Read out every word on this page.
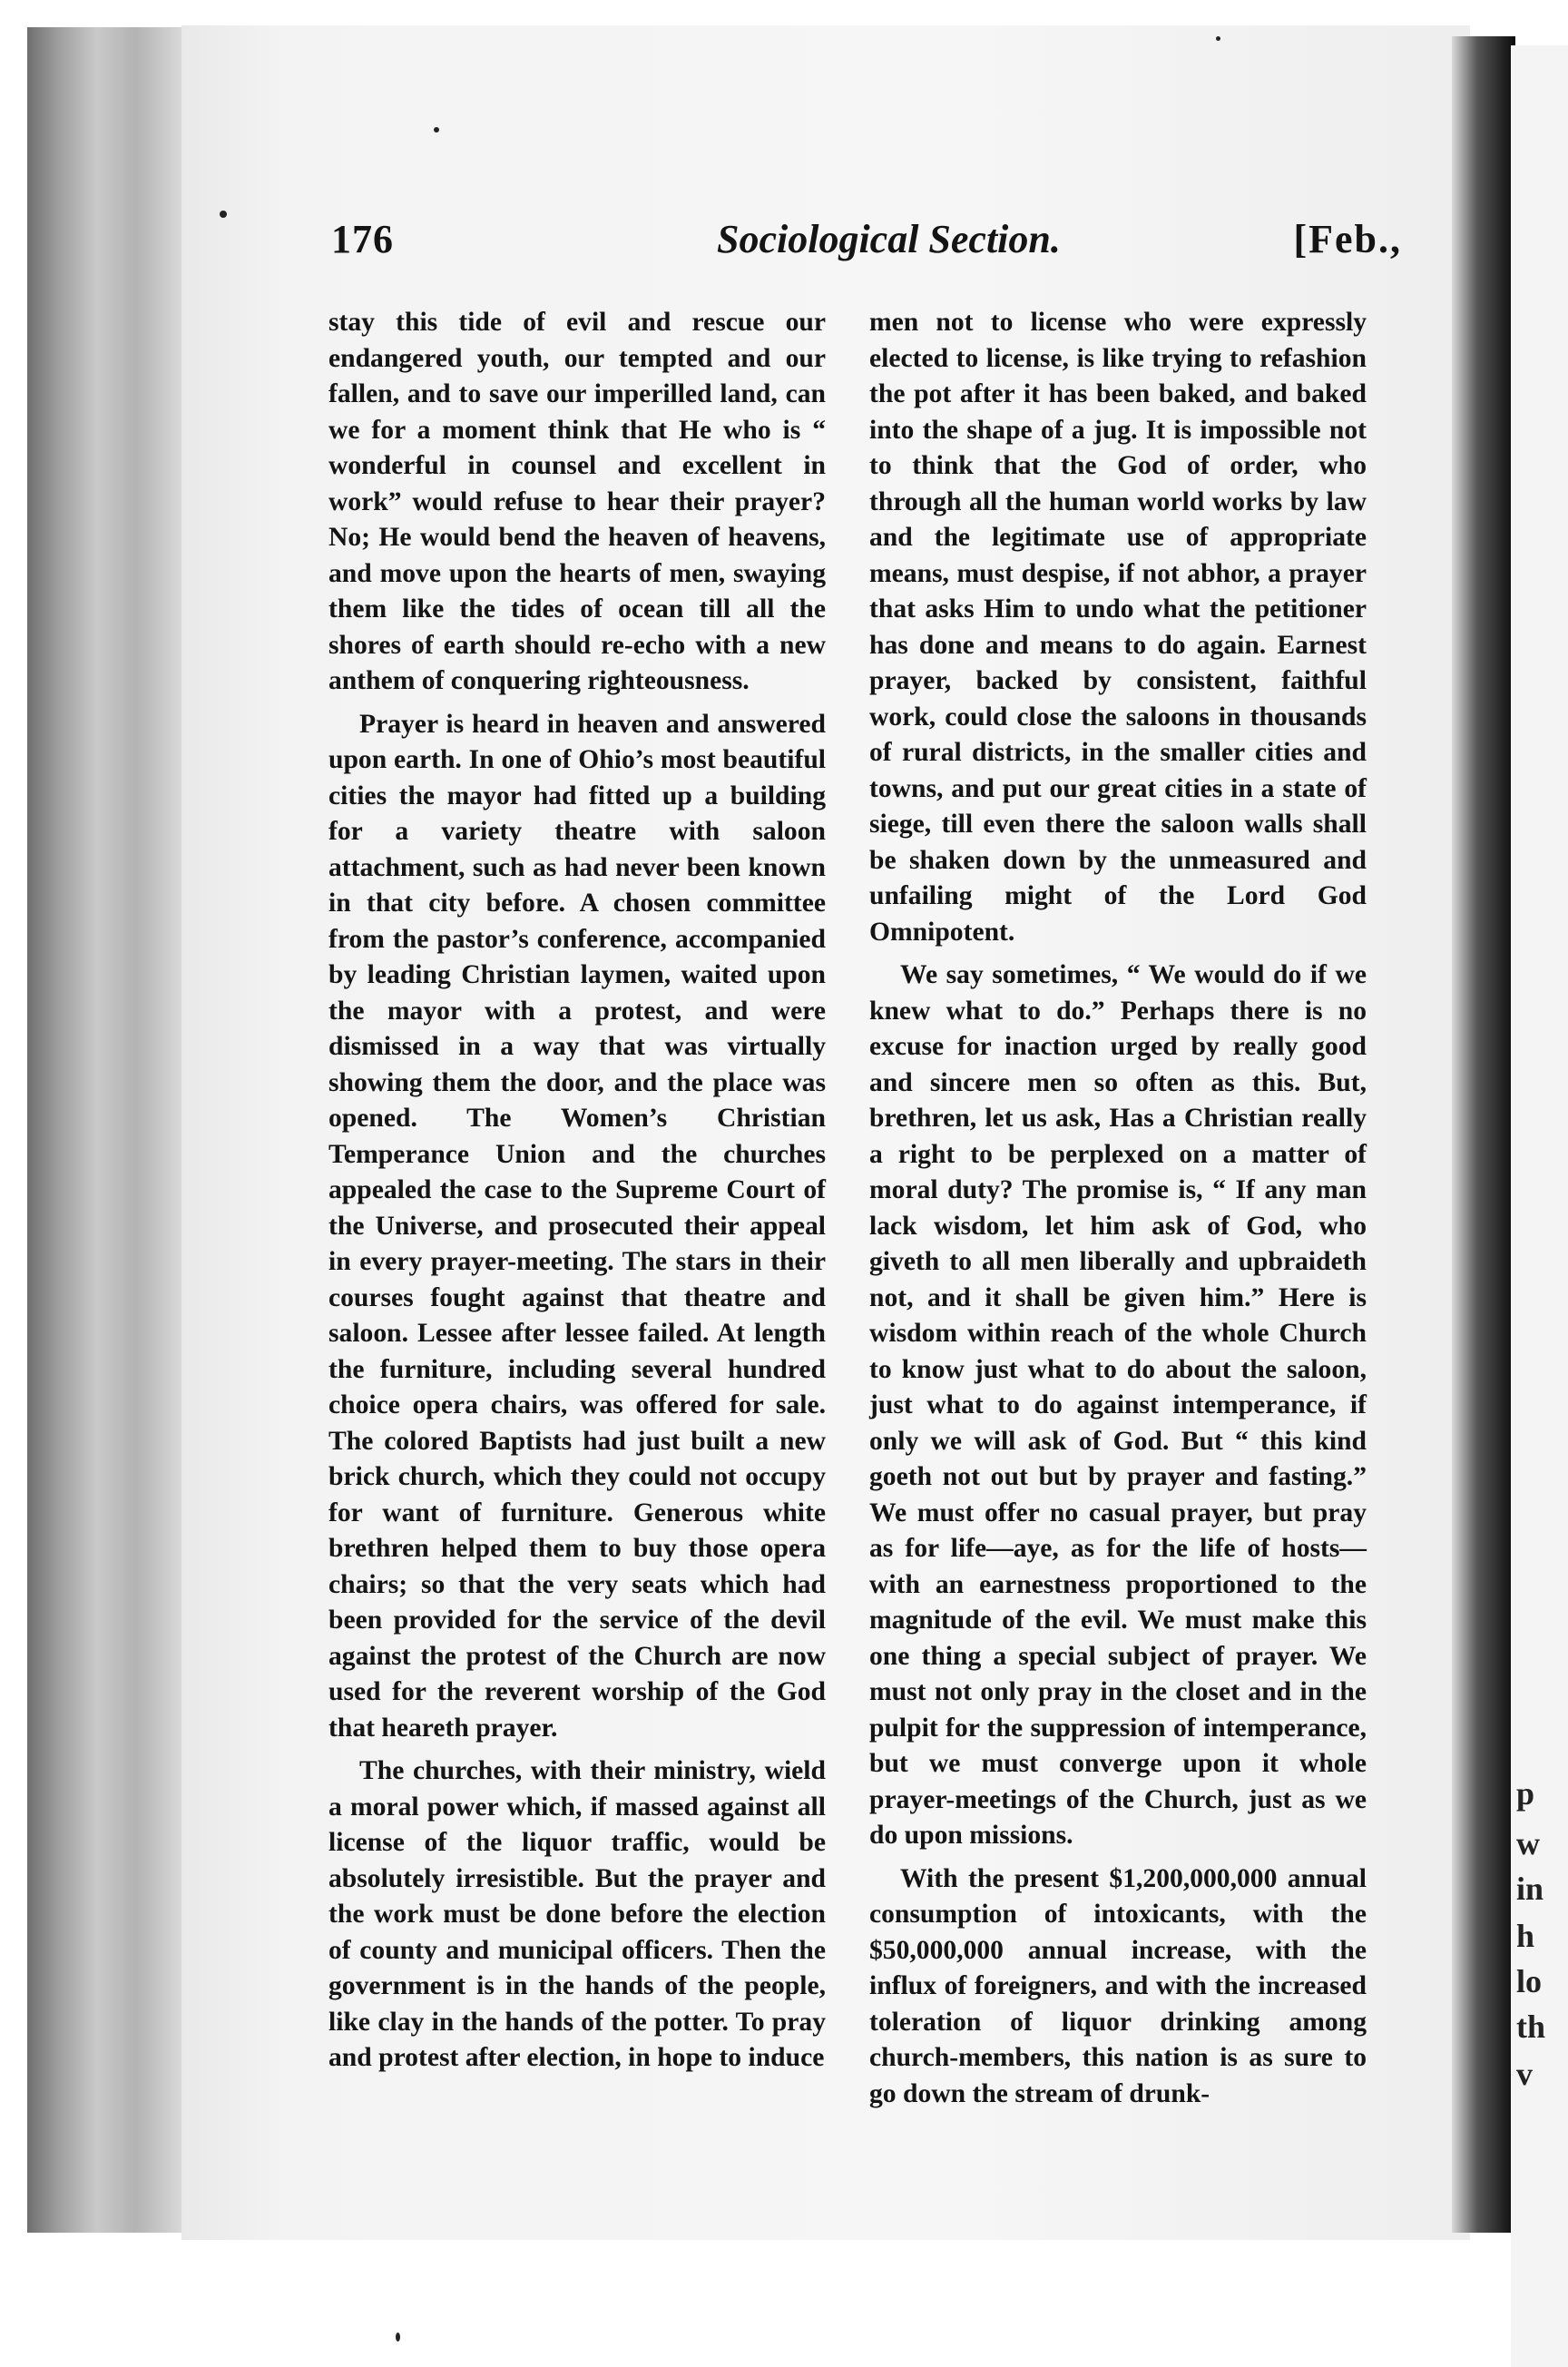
p
w
in
h
lo
th
v
176	Sociological Section.	[Feb.,

stay this tide of evil and rescue our endangered youth, our tempted and our fallen, and to save our imperilled land, can we for a moment think that He who is “ wonderful in counsel and excellent in work” would refuse to hear their prayer? No; He would bend the heaven of heavens, and move upon the hearts of men, swaying them like the tides of ocean till all the shores of earth should re-echo with a new anthem of conquering righteousness.

Prayer is heard in heaven and answered upon earth. In one of Ohio’s most beautiful cities the mayor had fitted up a building for a variety theatre with saloon attachment, such as had never been known in that city before. A chosen committee from the pastor’s conference, accompanied by leading Christian laymen, waited upon the mayor with a protest, and were dismissed in a way that was virtually showing them the door, and the place was opened. The Women’s Christian Temperance Union and the churches appealed the case to the Supreme Court of the Universe, and prosecuted their appeal in every prayer-meeting. The stars in their courses fought against that theatre and saloon. Lessee after lessee failed. At length the furniture, including several hundred choice opera chairs, was offered for sale. The colored Baptists had just built a new brick church, which they could not occupy for want of furniture. Generous white brethren helped them to buy those opera chairs; so that the very seats which had been provided for the service of the devil against the protest of the Church are now used for the reverent worship of the God that heareth prayer.

The churches, with their ministry, wield a moral power which, if massed against all license of the liquor traffic, would be absolutely irresistible. But the prayer and the work must be done before the election of county and municipal officers. Then the government is in the hands of the people, like clay in the hands of the potter. To pray and protest after election, in hope to induce

men not to license who were expressly elected to license, is like trying to refashion the pot after it has been baked, and baked into the shape of a jug. It is impossible not to think that the God of order, who through all the human world works by law and the legitimate use of appropriate means, must despise, if not abhor, a prayer that asks Him to undo what the petitioner has done and means to do again. Earnest prayer, backed by consistent, faithful work, could close the saloons in thousands of rural districts, in the smaller cities and towns, and put our great cities in a state of siege, till even there the saloon walls shall be shaken down by the unmeasured and unfailing might of the Lord God Omnipotent.

We say sometimes, “ We would do if we knew what to do.” Perhaps there is no excuse for inaction urged by really good and sincere men so often as this. But, brethren, let us ask, Has a Christian really a right to be perplexed on a matter of moral duty? The promise is, “ If any man lack wisdom, let him ask of God, who giveth to all men liberally and upbraideth not, and it shall be given him.” Here is wisdom within reach of the whole Church to know just what to do about the saloon, just what to do against intemperance, if only we will ask of God. But “ this kind goeth not out but by prayer and fasting.” We must offer no casual prayer, but pray as for life—aye, as for the life of hosts—with an earnestness proportioned to the magnitude of the evil. We must make this one thing a special subject of prayer. We must not only pray in the closet and in the pulpit for the suppression of intemperance, but we must converge upon it whole prayer-meetings of the Church, just as we do upon missions.

With the present $1,200,000,000 annual consumption of intoxicants, with the $50,000,000 annual increase, with the influx of foreigners, and with the increased toleration of liquor drinking among church-members, this nation is as sure to go down the stream of drunk-
